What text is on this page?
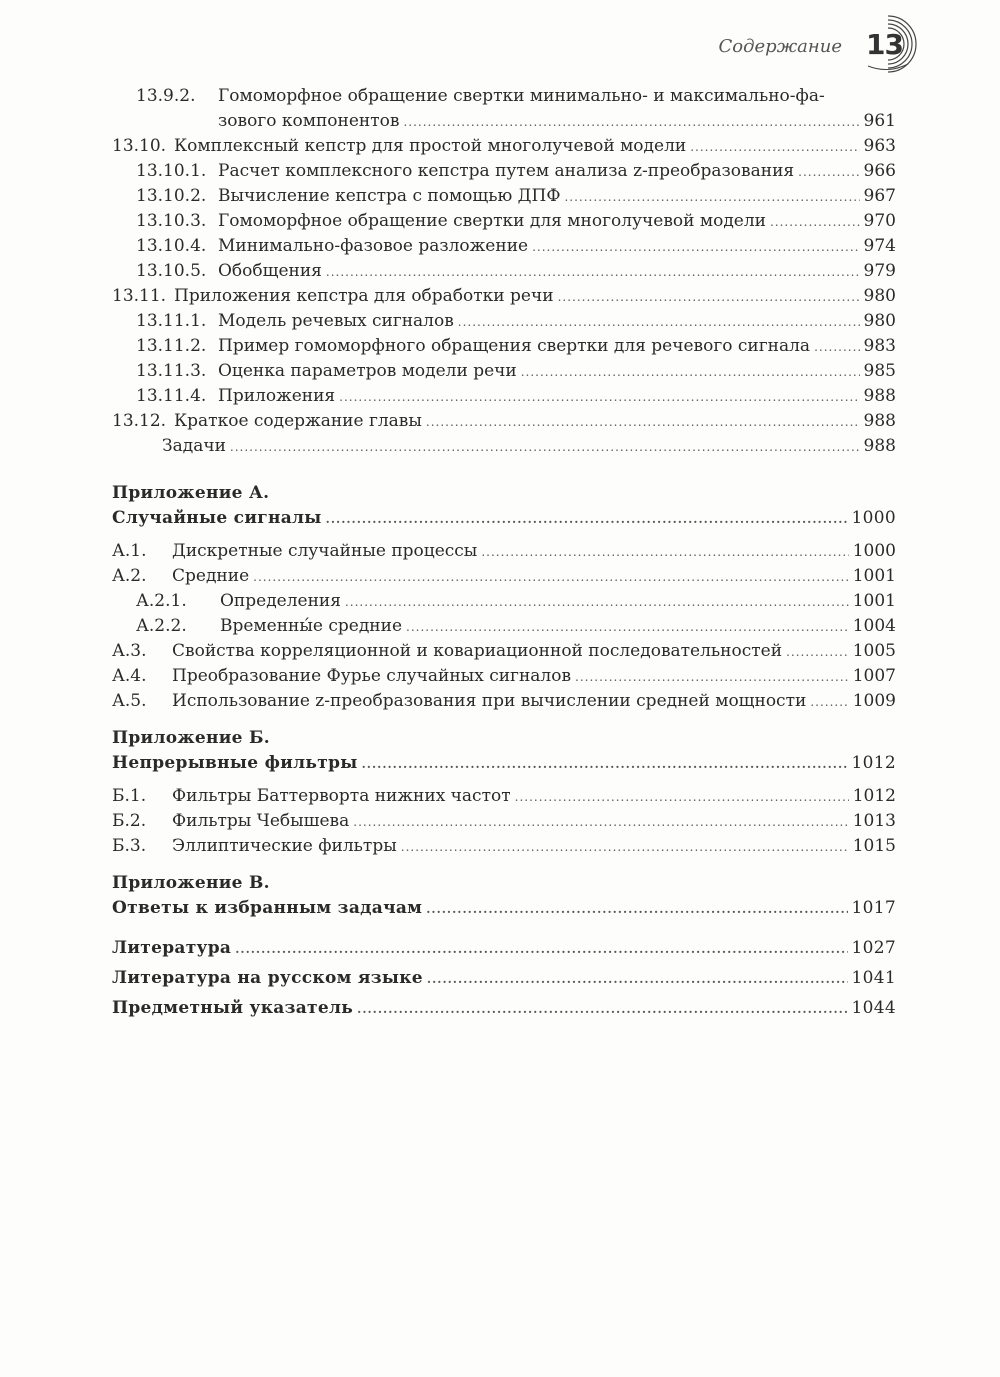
Содержание 13
13.9.2.	Гомоморфное обращение свертки минимально- и максимально-фа-
зового компонентов .....	961
13.10. Комплексный кепстр для простой многолучевой модели .....	963
13.10.1. Расчет комплексного кепстра путем анализа z-преобразования .....	966
13.10.2. Вычисление кепстра с помощью ДПФ .....	967
13.10.3. Гомоморфное обращение свертки для многолучевой модели .....	970
13.10.4. Минимально-фазовое разложение .....	974
13.10.5. Обобщения .....	979
13.11. Приложения кепстра для обработки речи .....	980
13.11.1. Модель речевых сигналов .....	980
13.11.2. Пример гомоморфного обращения свертки для речевого сигнала .....	983
13.11.3. Оценка параметров модели речи .....	985
13.11.4. Приложения .....	988
13.12. Краткое содержание главы .....	988
Задачи .....	988
Приложение А.
Случайные сигналы .....	1000
А.1.	Дискретные случайные процессы .....	1000
А.2.	Средние .....	1001
А.2.1.	Определения .....	1001
А.2.2.	Временны́е средние .....	1004
А.3.	Свойства корреляционной и ковариационной последовательностей .....	1005
А.4.	Преобразование Фурье случайных сигналов .....	1007
А.5.	Использование z-преобразования при вычислении средней мощности .....	1009
Приложение Б.
Непрерывные фильтры .....	1012
Б.1.	Фильтры Баттерворта нижних частот .....	1012
Б.2.	Фильтры Чебышева .....	1013
Б.3.	Эллиптические фильтры .....	1015
Приложение В.
Ответы к избранным задачам .....	1017
Литература .....	1027
Литература на русском языке .....	1041
Предметный указатель .....	1044
